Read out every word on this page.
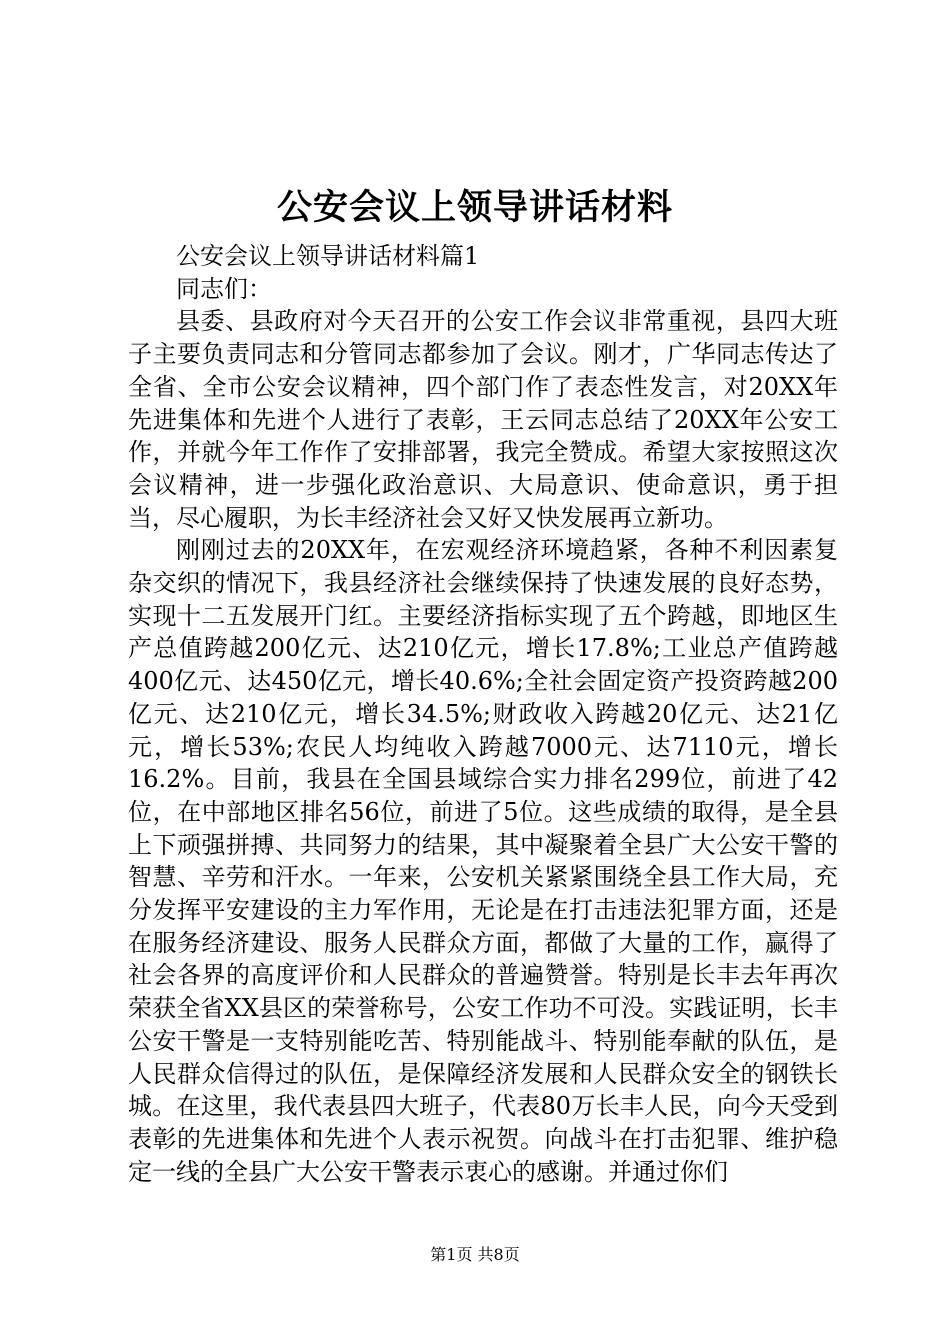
公安会议上领导讲话材料

公安会议上领导讲话材料篇1

同志们：

县委、县政府对今天召开的公安工作会议非常重视，县四大班子主要负责同志和分管同志都参加了会议。刚才，广华同志传达了全省、全市公安会议精神，四个部门作了表态性发言，对20XX年先进集体和先进个人进行了表彰，王云同志总结了20XX年公安工作，并就今年工作作了安排部署，我完全赞成。希望大家按照这次会议精神，进一步强化政治意识、大局意识、使命意识，勇于担当，尽心履职，为长丰经济社会又好又快发展再立新功。

刚刚过去的20XX年，在宏观经济环境趋紧，各种不利因素复杂交织的情况下，我县经济社会继续保持了快速发展的良好态势，实现十二五发展开门红。主要经济指标实现了五个跨越，即地区生产总值跨越200亿元、达210亿元，增长17.8%;工业总产值跨越400亿元、达450亿元，增长40.6%;全社会固定资产投资跨越200亿元、达210亿元，增长34.5%;财政收入跨越20亿元、达21亿元，增长53%;农民人均纯收入跨越7000元、达7110元，增长16.2%。目前，我县在全国县域综合实力排名299位，前进了42位，在中部地区排名56位，前进了5位。这些成绩的取得，是全县上下顽强拼搏、共同努力的结果，其中凝聚着全县广大公安干警的智慧、辛劳和汗水。一年来，公安机关紧紧围绕全县工作大局，充分发挥平安建设的主力军作用，无论是在打击违法犯罪方面，还是在服务经济建设、服务人民群众方面，都做了大量的工作，赢得了社会各界的高度评价和人民群众的普遍赞誉。特别是长丰去年再次荣获全省XX县区的荣誉称号，公安工作功不可没。实践证明，长丰公安干警是一支特别能吃苦、特别能战斗、特别能奉献的队伍，是人民群众信得过的队伍，是保障经济发展和人民群众安全的钢铁长城。在这里，我代表县四大班子，代表80万长丰人民，向今天受到表彰的先进集体和先进个人表示祝贺。向战斗在打击犯罪、维护稳定一线的全县广大公安干警表示衷心的感谢。并通过你们

第1页 共8页
